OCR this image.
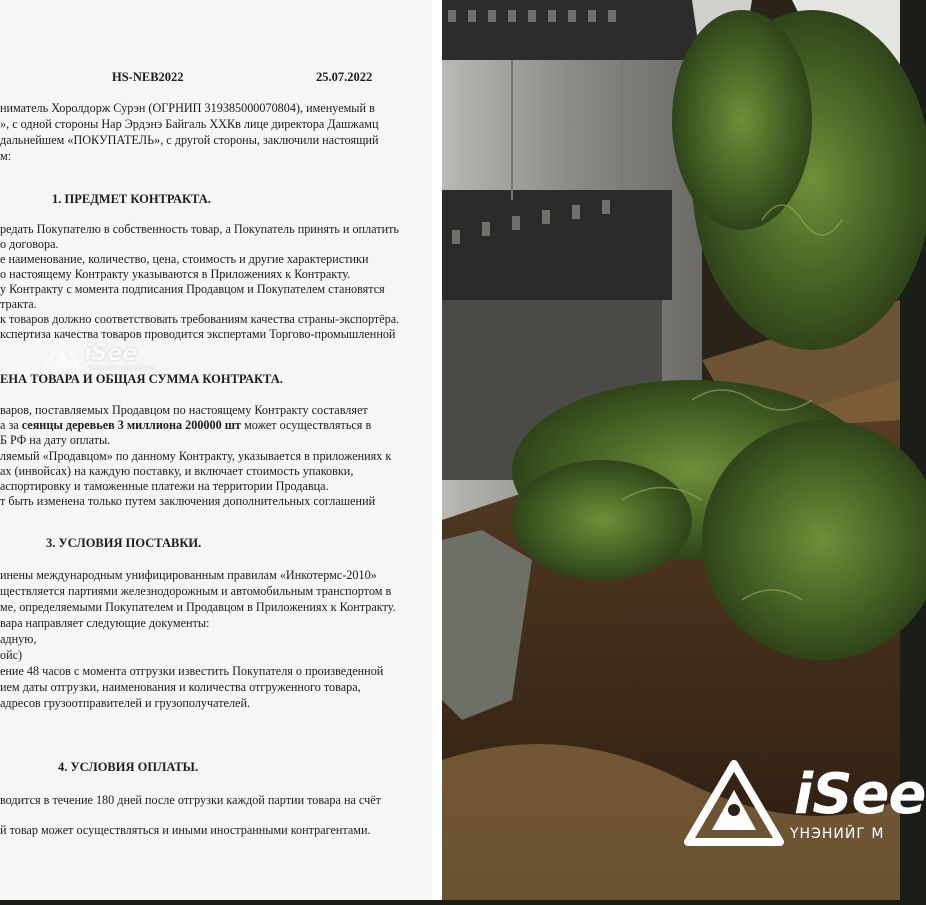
HS-NEB2022	25.07.2022
ниматель Хоролдорж Сурэн (ОГРНИП 319385000070804), именуемый в
», с одной стороны Нар Эрдэнэ Байгаль ХХКв лице директора Дашжамц
дальнейшем «ПОКУПАТЕЛЬ», с другой стороны, заключили настоящий
м:
1. ПРЕДМЕТ КОНТРАКТА.
редать Покупателю в собственность товар, а Покупатель принять и оплатить
о договора.
е наименование, количество, цена, стоимость и другие характеристики
о настоящему Контракту указываются в Приложениях к Контракту.
у Контракту с момента подписания Продавцом и Покупателем становятся
тракта.
к товаров должно соответствовать требованиям качества страны-экспортёра.
кспертиза качества товаров проводится экспертами Торгово-промышленной
ЕНА ТОВАРА И ОБЩАЯ СУММА КОНТРАКТА.
варов, поставляемых Продавцом по настоящему Контракту составляет
а за сеянцы деревьев 3 миллиона 200000 шт может осуществляться в
Б РФ на дату оплаты.
ляемый «Продавцом» по данному Контракту, указывается в приложениях к
ах (инвойсах) на каждую поставку, и включает стоимость упаковки,
аспортировку и таможенные платежи на территории Продавца.
т быть изменена только путем заключения дополнительных соглашений
3. УСЛОВИЯ ПОСТАВКИ.
инены международным унифицированным правилам «Инкотермс-2010»
ществляется партиями железнодорожным и автомобильным транспортом в
ме, определяемыми Покупателем и Продавцом в Приложениях к Контракту.
вара направляет следующие документы:
адную,
ойс)
ение 48 часов с момента отгрузки известить Покупателя о произведенной
ием даты отгрузки, наименования и количества отгруженного товара,
адресов грузоотправителей и грузополучателей.
4. УСЛОВИЯ ОПЛАТЫ.
водится в течение 180 дней после отгрузки каждой партии товара на счёт
й товар может осуществляться и иными иностранными контрагентами.
iSee
ҮНЭНИЙГ МЭДЭЭЛНЭ
iSee
ҮНЭНИЙГ М
